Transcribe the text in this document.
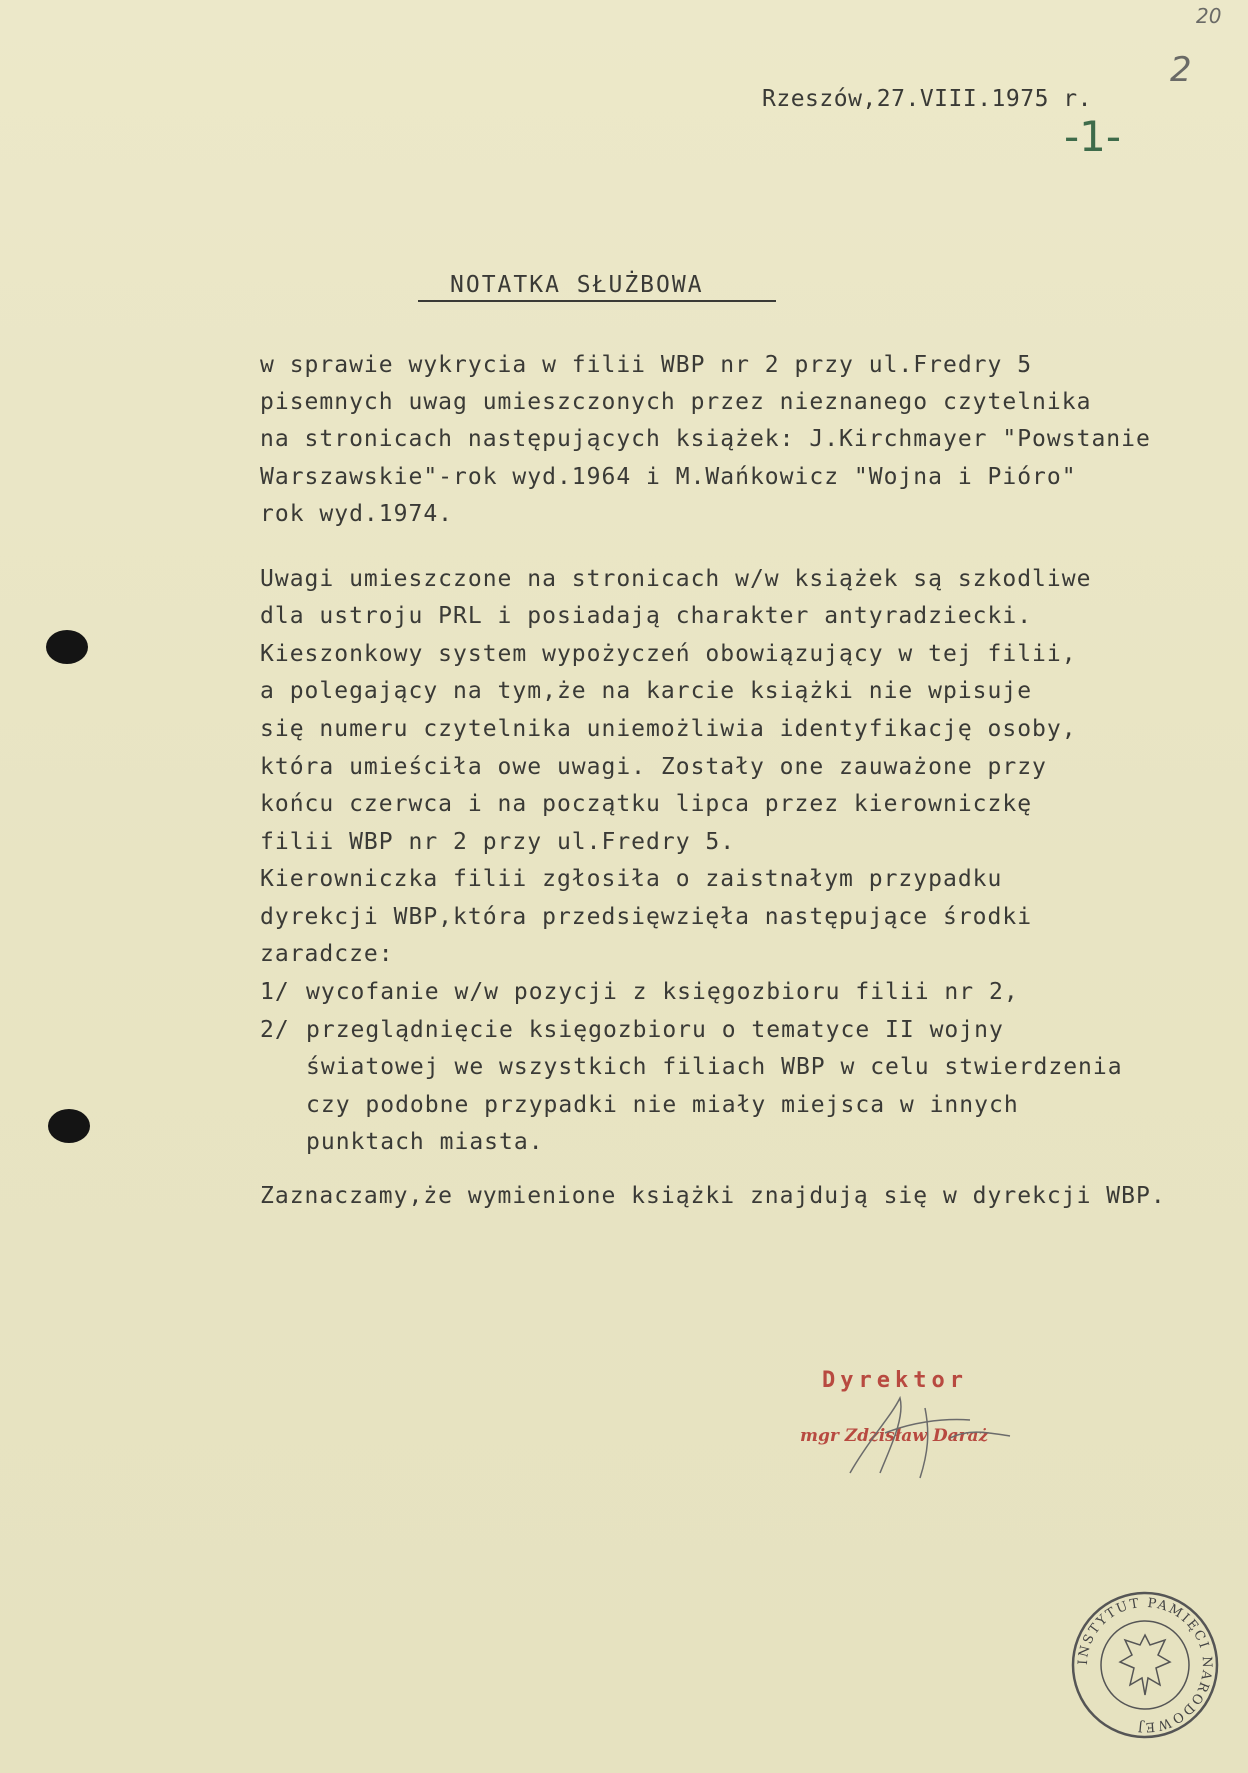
20
2
-1-
Rzeszów,27.VIII.1975 r.
NOTATKA SŁUŻBOWA
w sprawie wykrycia w filii WBP nr 2 przy ul.Fredry 5
pisemnych uwag umieszczonych przez nieznanego czytelnika
na stronicach następujących książek: J.Kirchmayer "Powstanie
Warszawskie"-rok wyd.1964 i M.Wańkowicz "Wojna i Pióro"
rok wyd.1974.
Uwagi umieszczone na stronicach w/w książek są szkodliwe
dla ustroju PRL i posiadają charakter antyradziecki.
Kieszonkowy system wypożyczeń obowiązujący w tej filii,
a polegający na tym,że na karcie książki nie wpisuje
się numeru czytelnika uniemożliwia identyfikację osoby,
która umieściła owe uwagi. Zostały one zauważone przy
końcu czerwca i na początku lipca przez kierowniczkę
filii WBP nr 2 przy ul.Fredry 5.
Kierowniczka filii zgłosiła o zaistnałym przypadku
dyrekcji WBP,która przedsięwzięła następujące środki
zaradcze:
1/ wycofanie w/w pozycji z księgozbioru filii nr 2,
2/ przeglądnięcie księgozbioru o tematyce II wojny
światowej we wszystkich filiach WBP w celu stwierdzenia
czy podobne przypadki nie miały miejsca w innych
punktach miasta.
Zaznaczamy,że wymienione książki znajdują się w dyrekcji WBP.
Dyrektor
mgr Zdzisław Daraż
INSTYTUT PAMIĘCI NARODOWEJ
